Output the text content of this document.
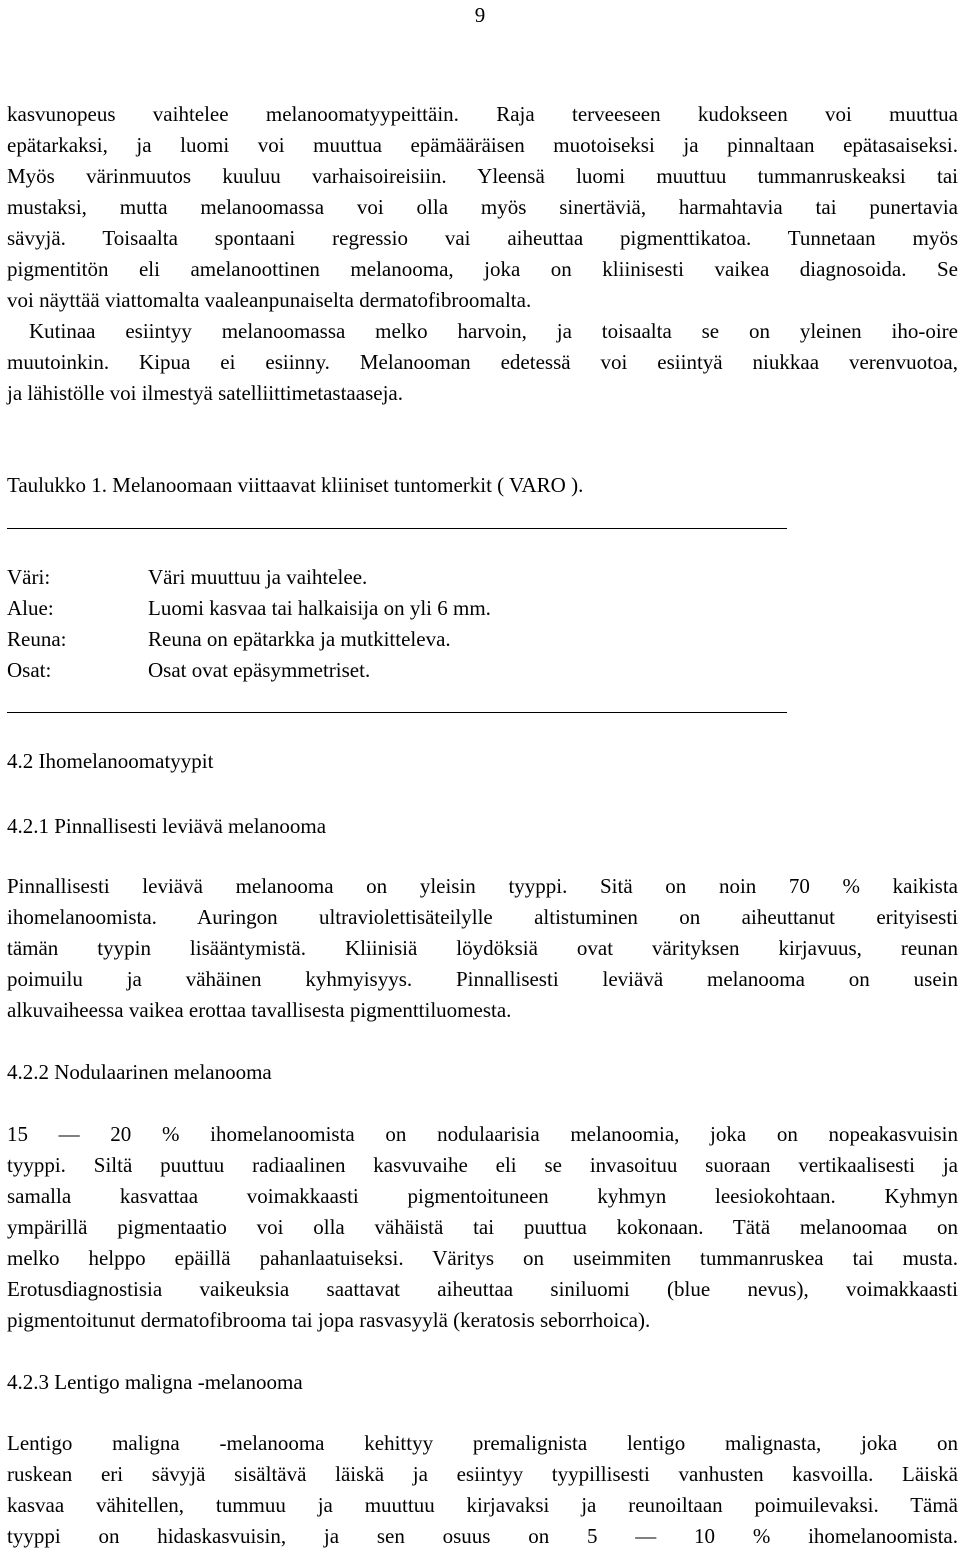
9
kasvunopeus vaihtelee melanoomatyypeittäin. Raja terveeseen kudokseen voi muuttua
epätarkaksi, ja luomi voi muuttua epämääräisen muotoiseksi ja pinnaltaan epätasaiseksi.
Myös värinmuutos kuuluu varhaisoireisiin. Yleensä luomi muuttuu tummanruskeaksi tai
mustaksi, mutta melanoomassa voi olla myös sinertäviä, harmahtavia tai punertavia
sävyjä. Toisaalta spontaani regressio vai aiheuttaa pigmenttikatoa. Tunnetaan myös
pigmentitön eli amelanoottinen melanooma, joka on kliinisesti vaikea diagnosoida. Se
voi näyttää viattomalta vaaleanpunaiselta dermatofibroomalta.
Kutinaa esiintyy melanoomassa melko harvoin, ja toisaalta se on yleinen iho-oire
muutoinkin. Kipua ei esiinny. Melanooman edetessä voi esiintyä niukkaa verenvuotoa,
ja lähistölle voi ilmestyä satelliittimetastaaseja.
Taulukko 1. Melanoomaan viittaavat kliiniset tuntomerkit ( VARO ).
Väri:	Väri muuttuu ja vaihtelee.
Alue:	Luomi kasvaa tai halkaisija on yli 6 mm.
Reuna:	Reuna on epätarkka ja mutkitteleva.
Osat:	Osat ovat epäsymmetriset.
4.2 Ihomelanoomatyypit
4.2.1 Pinnallisesti leviävä melanooma
Pinnallisesti leviävä melanooma on yleisin tyyppi. Sitä on noin 70 % kaikista
ihomelanoomista. Auringon ultraviolettisäteilylle altistuminen on aiheuttanut erityisesti
tämän tyypin lisääntymistä. Kliinisiä löydöksiä ovat värityksen kirjavuus, reunan
poimuilu ja vähäinen kyhmyisyys. Pinnallisesti leviävä melanooma on usein
alkuvaiheessa vaikea erottaa tavallisesta pigmenttiluomesta.
4.2.2 Nodulaarinen melanooma
15 — 20 % ihomelanoomista on nodulaarisia melanoomia, joka on nopeakasvuisin
tyyppi. Siltä puuttuu radiaalinen kasvuvaihe eli se invasoituu suoraan vertikaalisesti ja
samalla kasvattaa voimakkaasti pigmentoituneen kyhmyn leesiokohtaan. Kyhmyn
ympärillä pigmentaatio voi olla vähäistä tai puuttua kokonaan. Tätä melanoomaa on
melko helppo epäillä pahanlaatuiseksi. Väritys on useimmiten tummanruskea tai musta.
Erotusdiagnostisia vaikeuksia saattavat aiheuttaa siniluomi (blue nevus), voimakkaasti
pigmentoitunut dermatofibrooma tai jopa rasvasyylä (keratosis seborrhoica).
4.2.3 Lentigo maligna -melanooma
Lentigo maligna -melanooma kehittyy premalignista lentigo malignasta, joka on
ruskean eri sävyjä sisältävä läiskä ja esiintyy tyypillisesti vanhusten kasvoilla. Läiskä
kasvaa vähitellen, tummuu ja muuttuu kirjavaksi ja reunoiltaan poimuilevaksi. Tämä
tyyppi on hidaskasvuisin, ja sen osuus on 5 — 10 % ihomelanoomista.
